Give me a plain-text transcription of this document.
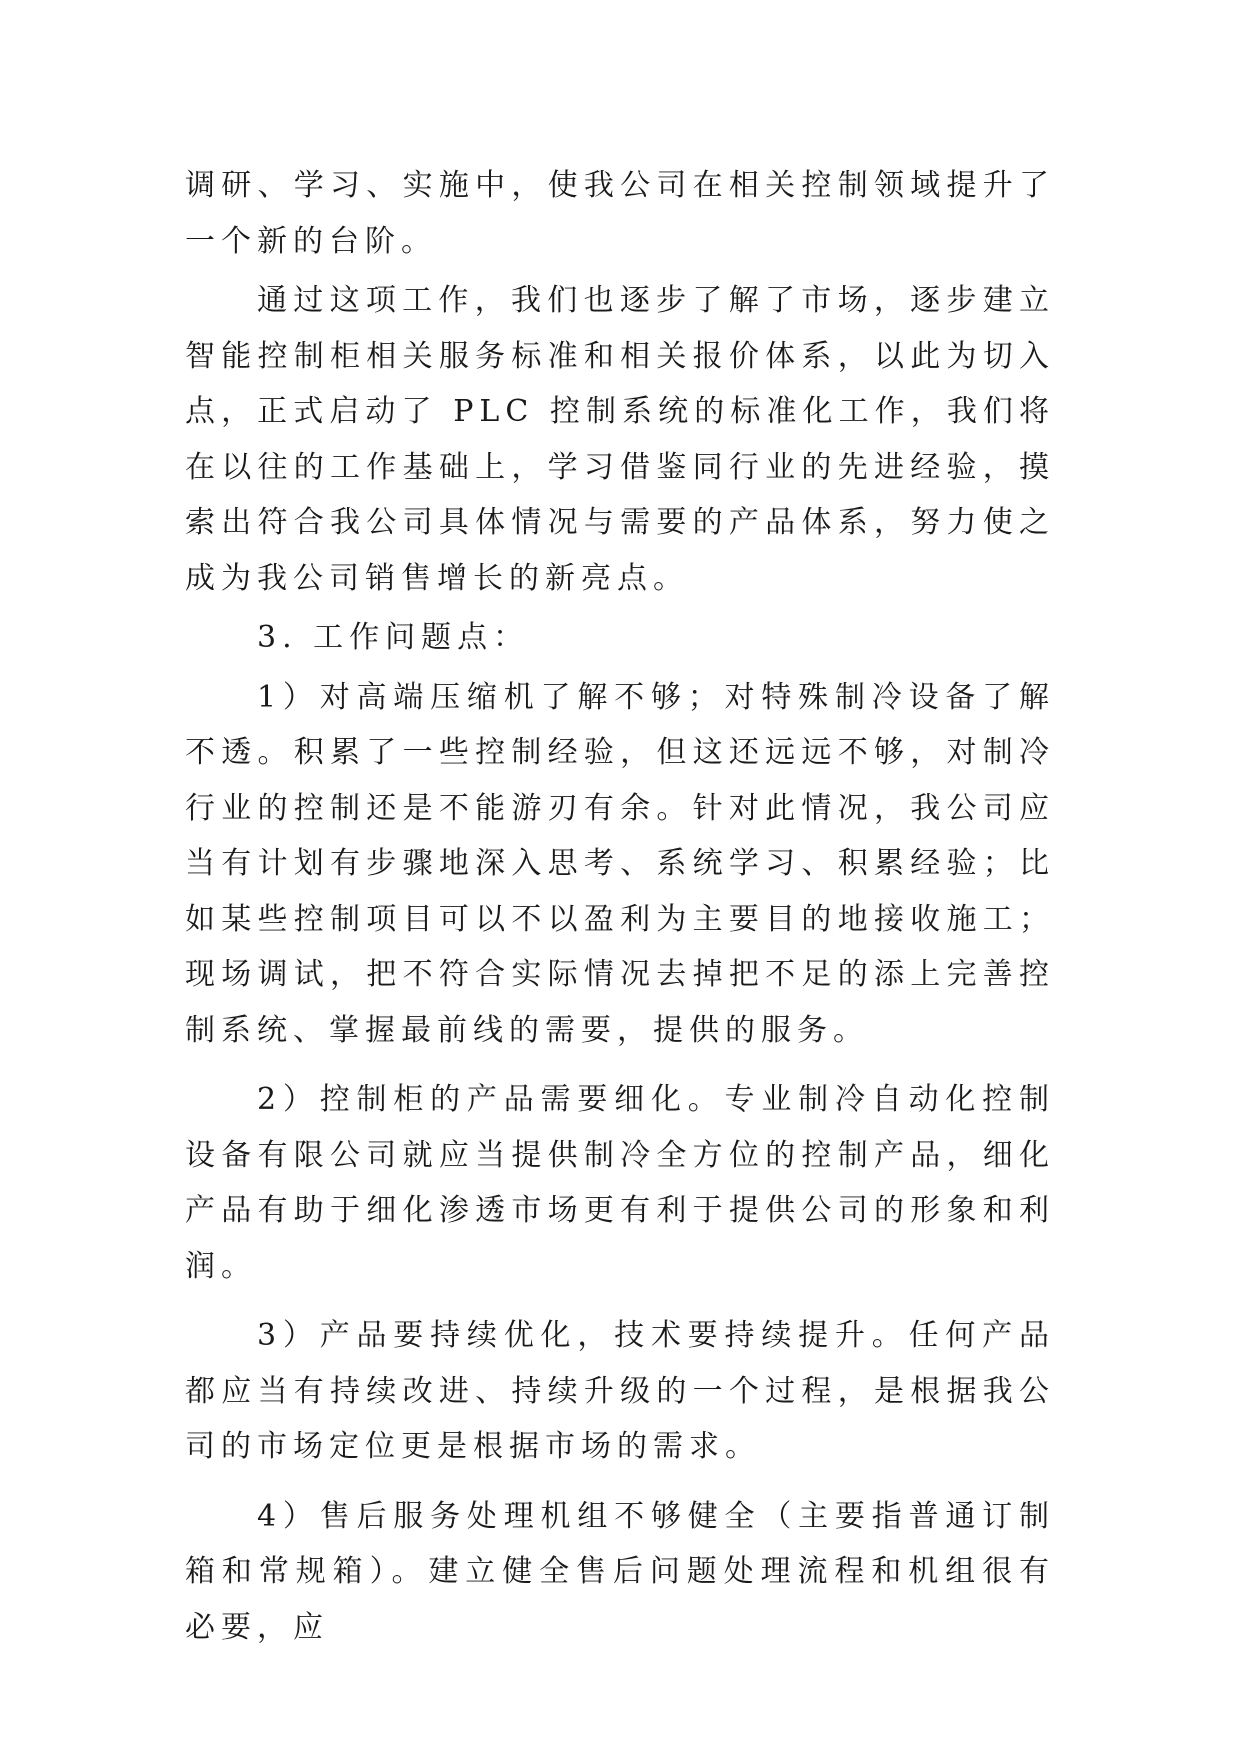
调研、学习、实施中，使我公司在相关控制领域提升了一个新的台阶。

通过这项工作，我们也逐步了解了市场，逐步建立智能控制柜相关服务标准和相关报价体系，以此为切入点，正式启动了 PLC 控制系统的标准化工作，我们将在以往的工作基础上，学习借鉴同行业的先进经验，摸索出符合我公司具体情况与需要的产品体系，努力使之成为我公司销售增长的新亮点。

3. 工作问题点：

1）对高端压缩机了解不够；对特殊制冷设备了解不透。积累了一些控制经验，但这还远远不够，对制冷行业的控制还是不能游刃有余。针对此情况，我公司应当有计划有步骤地深入思考、系统学习、积累经验；比如某些控制项目可以不以盈利为主要目的地接收施工；现场调试，把不符合实际情况去掉把不足的添上完善控制系统、掌握最前线的需要，提供的服务。

2）控制柜的产品需要细化。专业制冷自动化控制设备有限公司就应当提供制冷全方位的控制产品，细化产品有助于细化渗透市场更有利于提供公司的形象和利润。

3）产品要持续优化，技术要持续提升。任何产品都应当有持续改进、持续升级的一个过程，是根据我公司的市场定位更是根据市场的需求。

4）售后服务处理机组不够健全（主要指普通订制箱和常规箱）。建立健全售后问题处理流程和机组很有必要，应
